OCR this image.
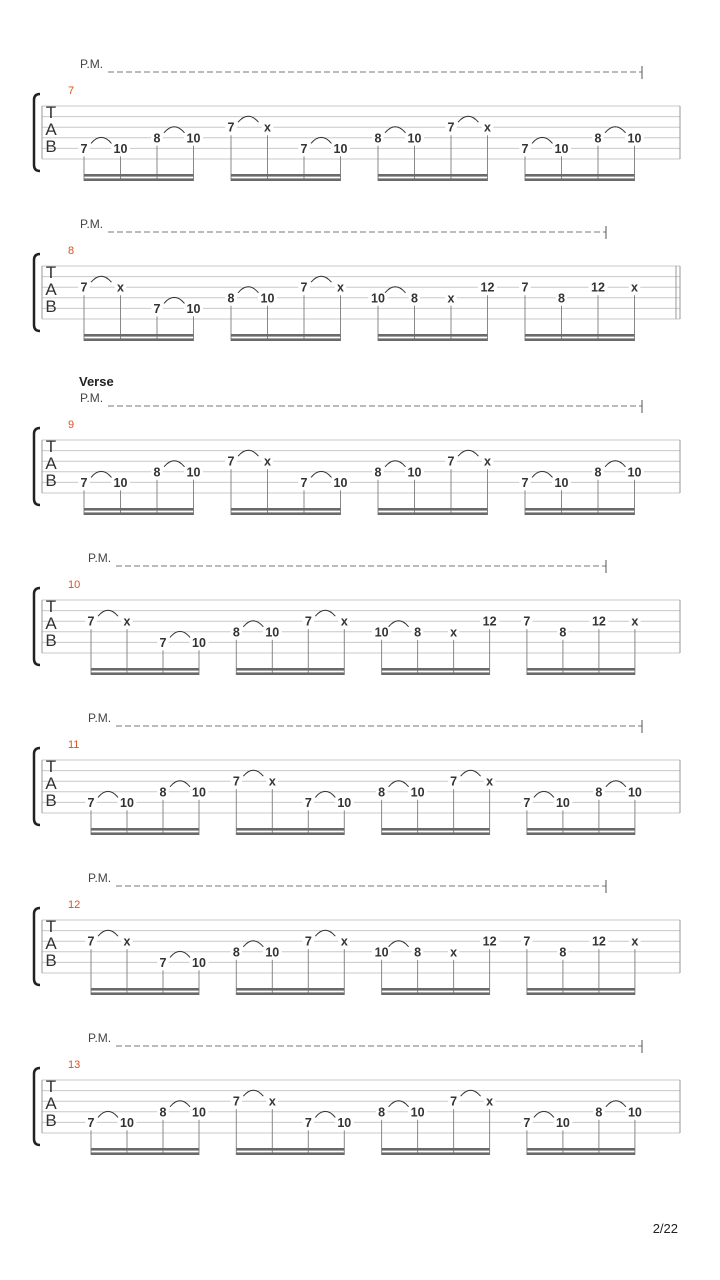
P.M.
7
T
A
B 7 10
8 10
7 x
7 10
8 10
7 x
7 10
8 10
P.M.
8
T
A
B
7 x
7 10
8 10
7 x
10 8 x
12 7
8
12 x
Verse
P.M.
9
T
A
B 7 10
8 10
7 x
7 10
8 10
7 x
7 10
8 10
P.M.
10
T
A
B
7 x
7 10
8 10
7 x
10 8 x
12 7
8
12 x
P.M.
11
T
A
B 7 10
8 10
7 x
7 10
8 10
7 x
7 10
8 10
P.M.
12
T
A
B
7 x
7 10
8 10
7 x
10 8 x
12 7
8
12 x
P.M.
13
T
A
B 7 10
8 10
7 x
7 10
8 10
7 x
7 10
8 10
2/22
